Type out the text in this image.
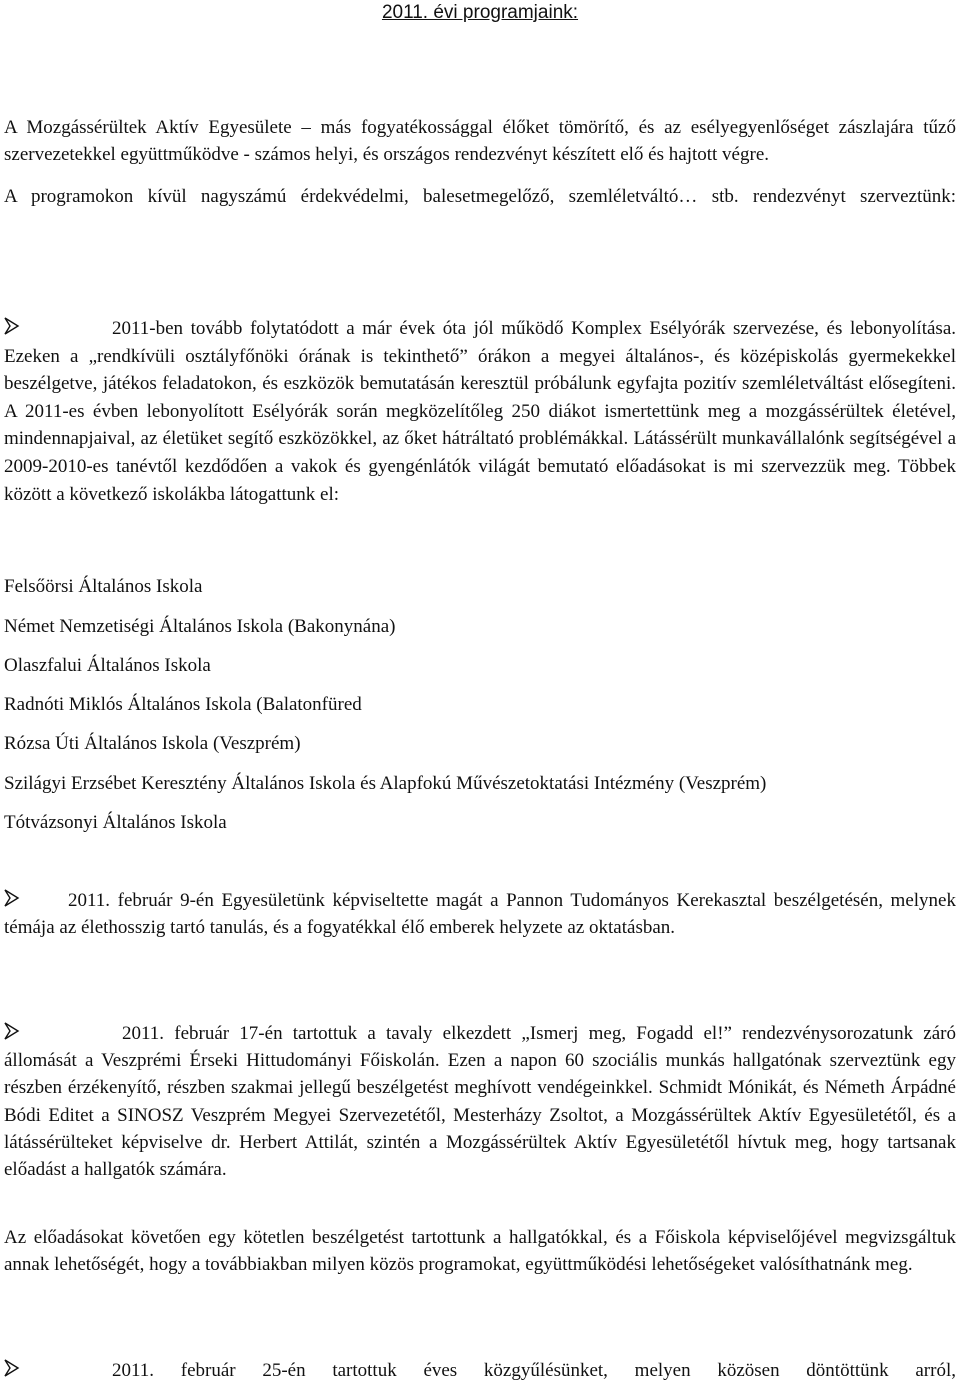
2011. évi programjaink:

A Mozgássérültek Aktív Egyesülete – más fogyatékossággal élőket tömörítő, és az esélyegyenlőséget zászlajára tűző szervezetekkel együttműködve - számos helyi, és országos rendezvényt készített elő és hajtott végre.

A programokon kívül nagyszámú érdekvédelmi, balesetmegelőző, szemléletváltó… stb. rendezvényt szerveztünk:

2011-ben tovább folytatódott a már évek óta jól működő Komplex Esélyórák szervezése, és lebonyolítása. Ezeken a „rendkívüli osztályfőnöki órának is tekinthető” órákon a megyei általános-, és középiskolás gyermekekkel beszélgetve, játékos feladatokon, és eszközök bemutatásán keresztül próbálunk egyfajta pozitív szemléletváltást elősegíteni. A 2011-es évben lebonyolított Esélyórák során megközelítőleg 250 diákot ismertettünk meg a mozgássérültek életével, mindennapjaival, az életüket segítő eszközökkel, az őket hátráltató problémákkal. Látássérült munkavállalónk segítségével a 2009-2010-es tanévtől kezdődően a vakok és gyengénlátók világát bemutató előadásokat is mi szervezzük meg. Többek között a következő iskolákba látogattunk el:

Felsőörsi Általános Iskola

Német Nemzetiségi Általános Iskola (Bakonynána)

Olaszfalui Általános Iskola

Radnóti Miklós Általános Iskola (Balatonfüred

Rózsa Úti Általános Iskola (Veszprém)

Szilágyi Erzsébet Keresztény Általános Iskola és Alapfokú Művészetoktatási Intézmény (Veszprém)

Tótvázsonyi Általános Iskola

2011. február 9-én Egyesületünk képviseltette magát a Pannon Tudományos Kerekasztal beszélgetésén, melynek témája az élethosszig tartó tanulás, és a fogyatékkal élő emberek helyzete az oktatásban.

2011. február 17-én tartottuk a tavaly elkezdett „Ismerj meg, Fogadd el!” rendezvénysorozatunk záró állomását a Veszprémi Érseki Hittudományi Főiskolán. Ezen a napon 60 szociális munkás hallgatónak szerveztünk egy részben érzékenyítő, részben szakmai jellegű beszélgetést meghívott vendégeinkkel. Schmidt Mónikát, és Németh Árpádné Bódi Editet a SINOSZ Veszprém Megyei Szervezetétől, Mesterházy Zsoltot, a Mozgássérültek Aktív Egyesületétől, és a látássérülteket képviselve dr. Herbert Attilát, szintén a Mozgássérültek Aktív Egyesületétől hívtuk meg, hogy tartsanak előadást a hallgatók számára.

Az előadásokat követően egy kötetlen beszélgetést tartottunk a hallgatókkal, és a Főiskola képviselőjével megvizsgáltuk annak lehetőségét, hogy a továbbiakban milyen közös programokat, együttműködési lehetőségeket valósíthatnánk meg.

2011. február 25-én tartottuk éves közgyűlésünket, melyen közösen döntöttünk arról,
